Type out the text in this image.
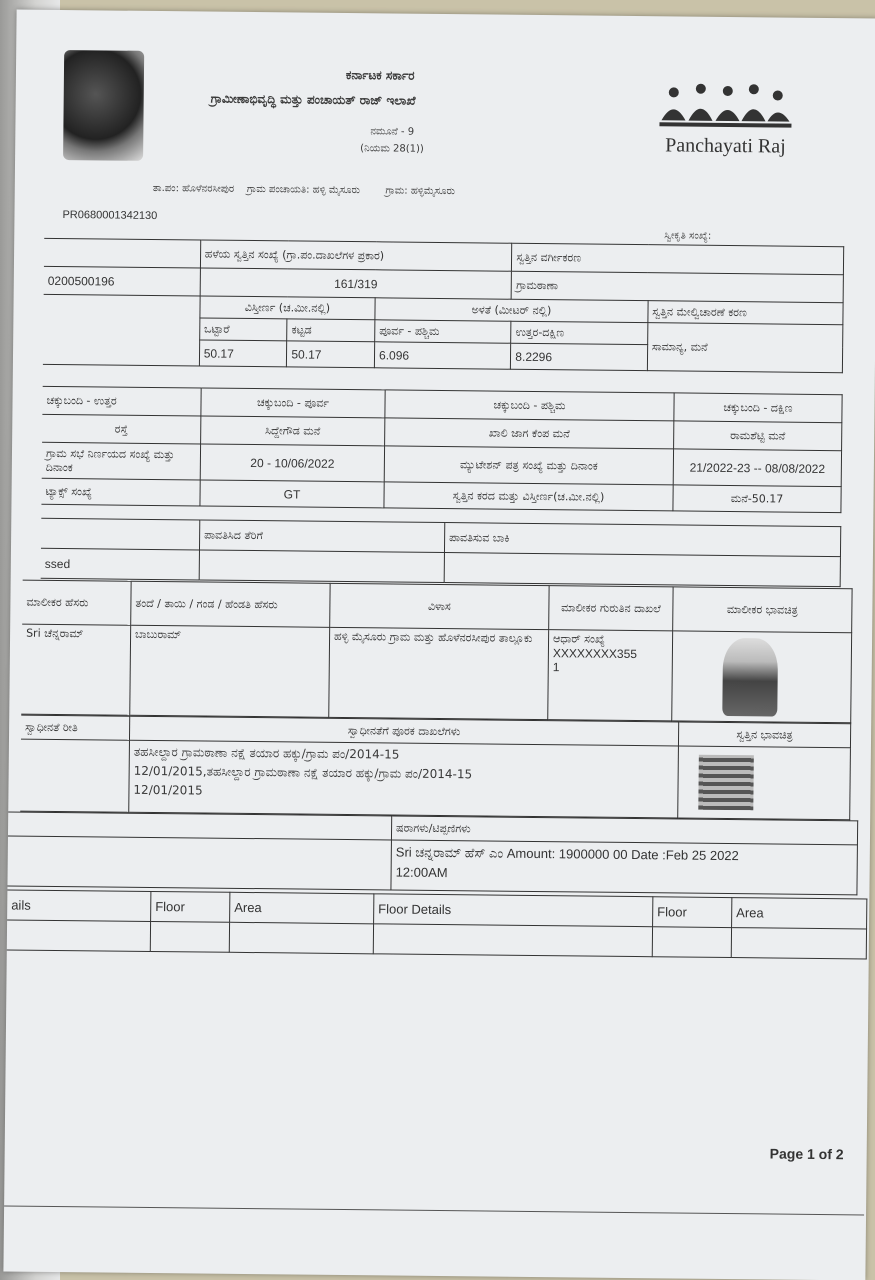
ಕರ್ನಾಟಕ ಸರ್ಕಾರ
ಗ್ರಾಮೀಣಾಭಿವೃದ್ಧಿ ಮತ್ತು ಪಂಚಾಯತ್ ರಾಜ್ ಇಲಾಖೆ
ನಮೂನೆ - 9
(ನಿಯಮ 28(1))	Panchayati Raj
ತಾ.ಪಂ: ಹೊಳೆನರಸೀಪುರ    ಗ್ರಾಮ ಪಂಚಾಯತಿ: ಹಳ್ಳಿ ಮೈಸೂರು        ಗ್ರಾಮ: ಹಳ್ಳಿಮೈಸೂರು
PR0680001342130
ಸ್ವೀಕೃತಿ ಸಂಖ್ಯೆ:
	ಹಳೆಯ ಸ್ವತ್ತಿನ ಸಂಖ್ಯೆ (ಗ್ರಾ.ಪಂ.ದಾಖಲೆಗಳ ಪ್ರಕಾರ)			ಸ್ವತ್ತಿನ ವರ್ಗೀಕರಣ	
0200500196	161/319			ಗ್ರಾಮಠಾಣಾ	
	ವಿಸ್ತೀರ್ಣ (ಚ.ಮೀ.ನಲ್ಲಿ)		ಅಳತೆ (ಮೀಟರ್ ನಲ್ಲಿ)		ಸ್ವತ್ತಿನ ಮೇಲ್ವಿಚಾರಣೆ ಕರಣ
	ಒಟ್ಟಾರೆ	ಕಟ್ಟಡ	ಪೂರ್ವ - ಪಶ್ಚಿಮ	ಉತ್ತರ-ದಕ್ಷಿಣ	ಸಾಮಾನ್ಯ, ಮನೆ
	50.17	50.17	6.096	8.2296	
ಚಕ್ಕುಬಂದಿ - ಉತ್ತರ	ಚಕ್ಕುಬಂದಿ - ಪೂರ್ವ	ಚಕ್ಕುಬಂದಿ - ಪಶ್ಚಿಮ	ಚಕ್ಕುಬಂದಿ - ದಕ್ಷಿಣ
ರಸ್ತೆ	ಸಿದ್ದೇಗೌಡ ಮನೆ	ಖಾಲಿ ಜಾಗ ಕೆಂಪ ಮನೆ	ರಾಮಶೆಟ್ಟಿ ಮನೆ
ಗ್ರಾಮ ಸಭೆ ನಿರ್ಣಯದ ಸಂಖ್ಯೆ ಮತ್ತು ದಿನಾಂಕ	20 - 10/06/2022	ಮ್ಯುಟೇಶನ್ ಪತ್ರ ಸಂಖ್ಯೆ ಮತ್ತು ದಿನಾಂಕ	21/2022-23 -- 08/08/2022
ಟ್ಯಾಕ್ಸ್ ಸಂಖ್ಯೆ	GT	ಸ್ವತ್ತಿನ ಕರದ ಮತ್ತು ವಿಸ್ತೀರ್ಣ(ಚ.ಮೀ.ನಲ್ಲಿ)	ಮನೆ-50.17
	ಪಾವತಿಸಿದ ತೆರಿಗೆ	ಪಾವತಿಸುವ ಬಾಕಿ
ssed		
ಮಾಲೀಕರ ಹೆಸರು	ತಂದೆ / ತಾಯಿ / ಗಂಡ / ಹೆಂಡತಿ ಹೆಸರು	ವಿಳಾಸ	ಮಾಲೀಕರ ಗುರುತಿನ ದಾಖಲೆ	ಮಾಲೀಕರ ಭಾವಚಿತ್ರ
Sri ಚೆನ್ನರಾಮ್	ಬಾಬುರಾಮ್	ಹಳ್ಳಿ ಮೈಸೂರು ಗ್ರಾಮ ಮತ್ತು ಹೊಳೆನರಸೀಪುರ ತಾಲ್ಲೂಕು	ಆಧಾರ್ ಸಂಖ್ಯೆ
XXXXXXXX355
1	

ಸ್ವಾಧೀನತೆ ರೀತಿ	ಸ್ವಾಧೀನತೆಗೆ ಪೂರಕ ದಾಖಲೆಗಳು	ಸ್ವತ್ತಿನ ಭಾವಚಿತ್ರ

	ತಹಸೀಲ್ದಾರ ಗ್ರಾಮಠಾಣಾ ನಕ್ಷೆ ತಯಾರ ಹಕ್ಕು/ಗ್ರಾಮ ಪಂ/2014-15
12/01/2015,ತಹಸೀಲ್ದಾರ ಗ್ರಾಮಠಾಣಾ ನಕ್ಷೆ ತಯಾರ ಹಕ್ಕು/ಗ್ರಾಮ ಪಂ/2014-15
12/01/2015	

	ಷರಾಗಳು/ಟಿಪ್ಪಣಿಗಳು

	Sri ಚನ್ನರಾಮ್ ಹೆಸ್ ಎಂ Amount: 1900000 00 Date :Feb 25 2022
12:00AM
ails	Floor	Area	Floor Details	Floor	Area

Page 1 of 2
